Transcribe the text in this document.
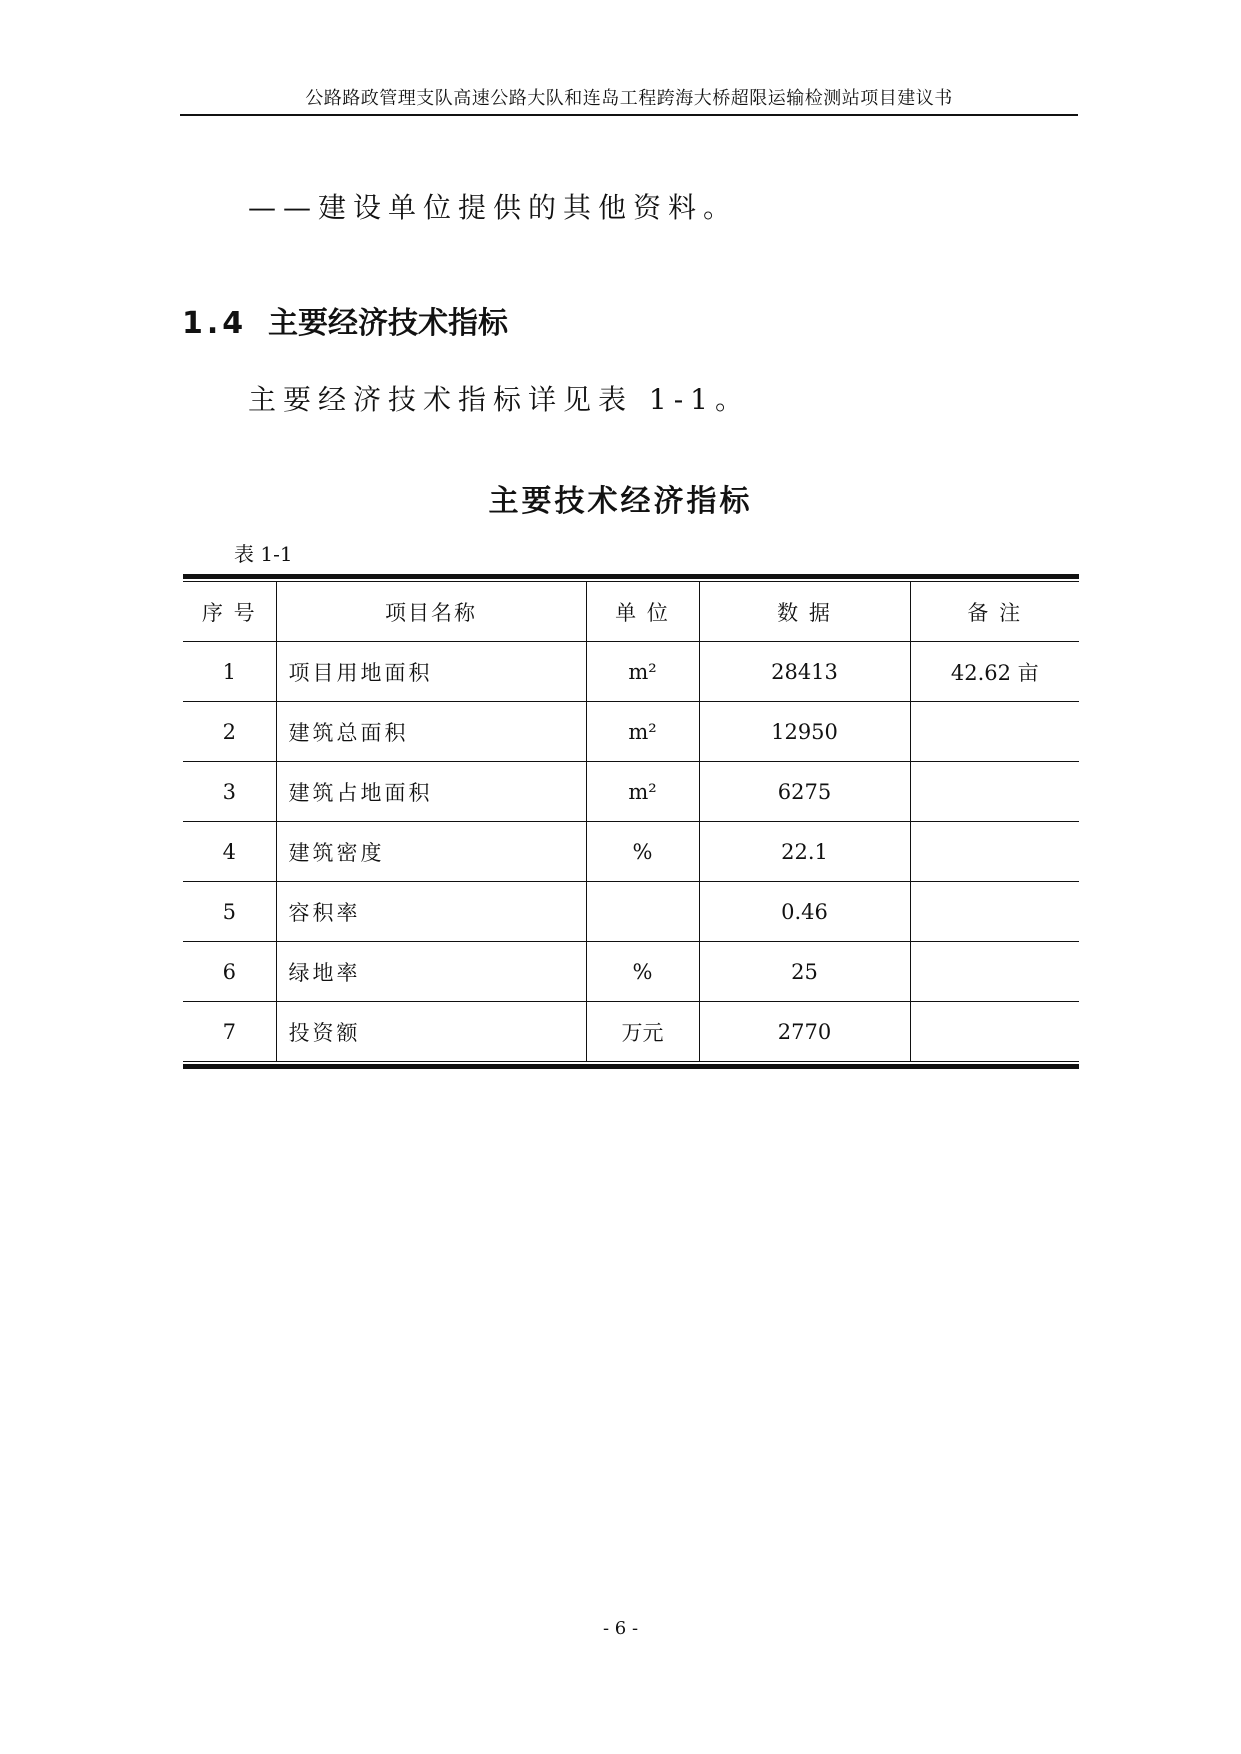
公路路政管理支队高速公路大队和连岛工程跨海大桥超限运输检测站项目建议书
——建设单位提供的其他资料。
1.4 主要经济技术指标
主要经济技术指标详见表 1-1。
主要技术经济指标
表 1-1
序 号	项目名称	单 位	数 据	备 注
1	项目用地面积	m²	28413	42.62 亩
2	建筑总面积	m²	12950	
3	建筑占地面积	m²	6275	
4	建筑密度	%	22.1	
5	容积率		0.46	
6	绿地率	%	25	
7	投资额	万元	2770	
- 6 -
